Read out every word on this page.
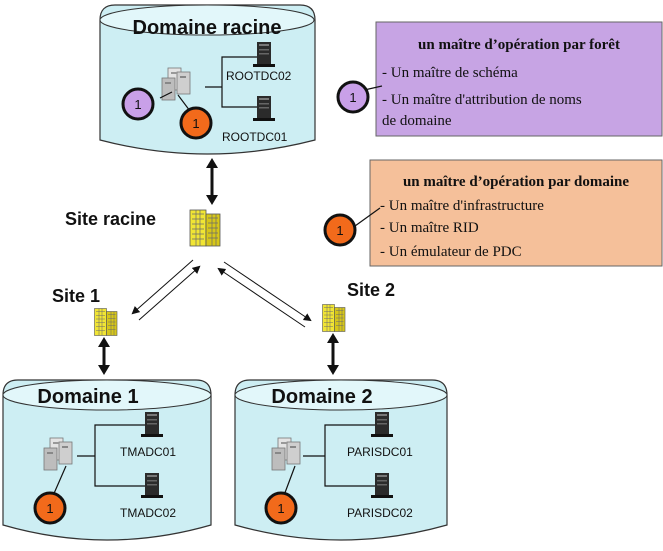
Domaine racine
ROOTDC02
ROOTDC01
1
1
un maître d’opération par forêt
- Un maître de schéma
- Un maître d'attribution de noms
de domaine
1
un maître d’opération par domaine
- Un maître d'infrastructure
- Un maître RID
- Un émulateur de PDC
1
Site racine
Site 1	Site 2
Domaine 1
TMADC01
TMADC02
1
Domaine 2
PARISDC01
PARISDC02
1
